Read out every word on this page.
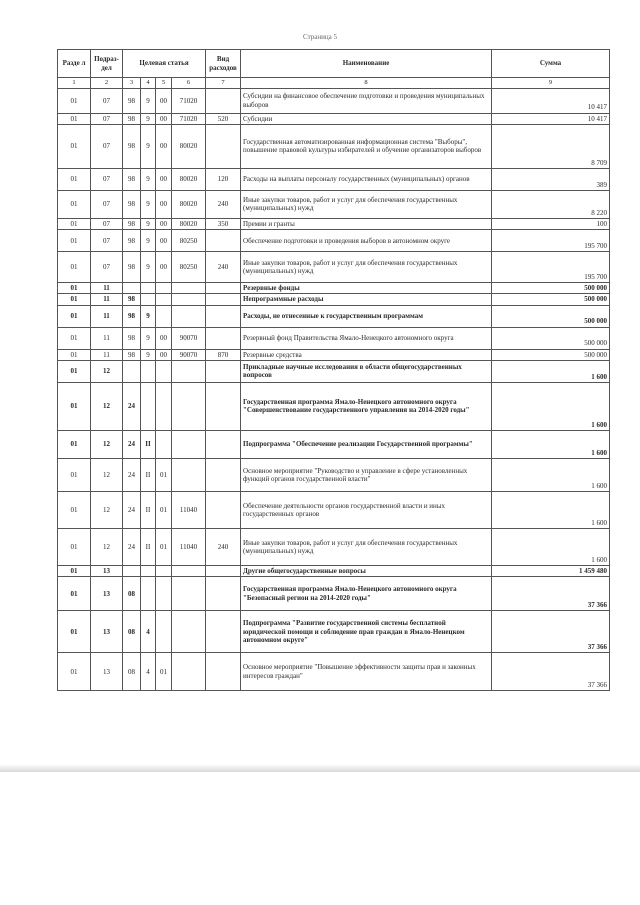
Страница 5
Разде л	Подраз-дел	Целевая статья				Вид расходов	Наименование	Сумма
1	2	3	4	5	6	7	8	9
01	07	98	9	00	71020		Субсидии на финансовое обеспечение подготовки и проведения муниципальных выборов	10 417
01	07	98	9	00	71020	520	Субсидии	10 417
01	07	98	9	00	80020		Государственная автоматизированная информационная система "Выборы", повышение правовой культуры избирателей и обучение организаторов выборов	8 709
01	07	98	9	00	80020	120	Расходы на выплаты персоналу государственных (муниципальных) органов	389
01	07	98	9	00	80020	240	Иные закупки товаров, работ и услуг для обеспечения государственных (муниципальных) нужд	8 220
01	07	98	9	00	80020	350	Премии и гранты	100
01	07	98	9	00	80250		Обеспечение подготовки и проведения выборов в автономном округе	195 700
01	07	98	9	00	80250	240	Иные закупки товаров, работ и услуг для обеспечения государственных (муниципальных) нужд	195 700
01	11						Резервные фонды	500 000
01	11	98					Непрограммные расходы	500 000
01	11	98	9				Расходы, не отнесенные к государственным программам	500 000
01	11	98	9	00	90070		Резервный фонд Правительства Ямало-Ненецкого автономного округа	500 000
01	11	98	9	00	90070	870	Резервные средства	500 000
01	12						Прикладные научные исследования в области общегосударственных вопросов	1 600
01	12	24					Государственная программа Ямало-Ненецкого автономного округа "Совершенствование государственного управления на 2014-2020 годы"	1 600
01	12	24	II				Подпрограмма "Обеспечение реализации Государственной программы"	1 600
01	12	24	II	01			Основное мероприятие "Руководство и управление в сфере установленных функций органов государственной власти"	1 600
01	12	24	II	01	11040		Обеспечение деятельности органов государственной власти и иных государственных органов	1 600
01	12	24	II	01	11040	240	Иные закупки товаров, работ и услуг для обеспечения государственных (муниципальных) нужд	1 600
01	13						Другие общегосударственные вопросы	1 459 480
01	13	08					Государственная программа Ямало-Ненецкого автономного округа "Безопасный регион на 2014-2020 годы"	37 366
01	13	08	4				Подпрограмма "Развитие государственной системы бесплатной юридической помощи и соблюдение прав граждан в Ямало-Ненецком автономном округе"	37 366
01	13	08	4	01			Основное мероприятие "Повышение эффективности защиты прав и законных интересов граждан"	37 366
